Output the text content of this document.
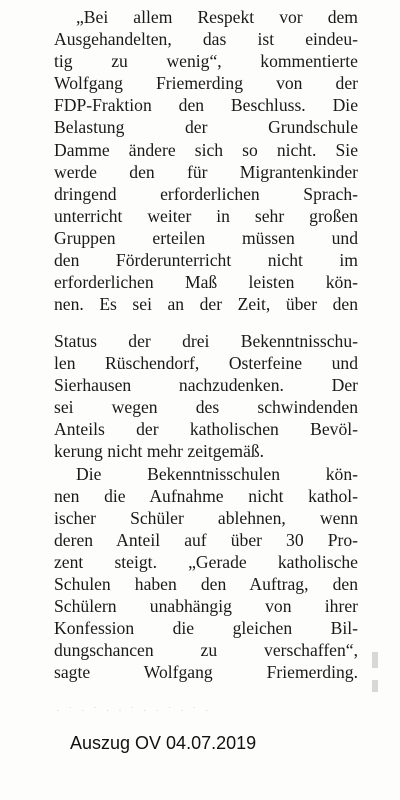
„Bei allem Respekt vor dem
Ausgehandelten, das ist eindeu-
tig zu wenig“, kommentierte
Wolfgang Friemerding von der
FDP-Fraktion den Beschluss. Die
Belastung der Grundschule
Damme ändere sich so nicht. Sie
werde den für Migrantenkinder
dringend erforderlichen Sprach-
unterricht weiter in sehr großen
Gruppen erteilen müssen und
den Förderunterricht nicht im
erforderlichen Maß leisten kön-
nen. Es sei an der Zeit, über den
Status der drei Bekenntnisschu-
len Rüschendorf, Osterfeine und
Sierhausen nachzudenken. Der
sei wegen des schwindenden
Anteils der katholischen Bevöl-
kerung nicht mehr zeitgemäß.
Die Bekenntnisschulen kön-
nen die Aufnahme nicht kathol-
ischer Schüler ablehnen, wenn
deren Anteil auf über 30 Pro-
zent steigt. „Gerade katholische
Schulen haben den Auftrag, den
Schülern unabhängig von ihrer
Konfession die gleichen Bil-
dungschancen zu verschaffen“,
sagte Wolfgang Friemerding.
· ˙ · ˙ · · ˙ · · ˙ · ˙ ·
Auszug OV 04.07.2019
